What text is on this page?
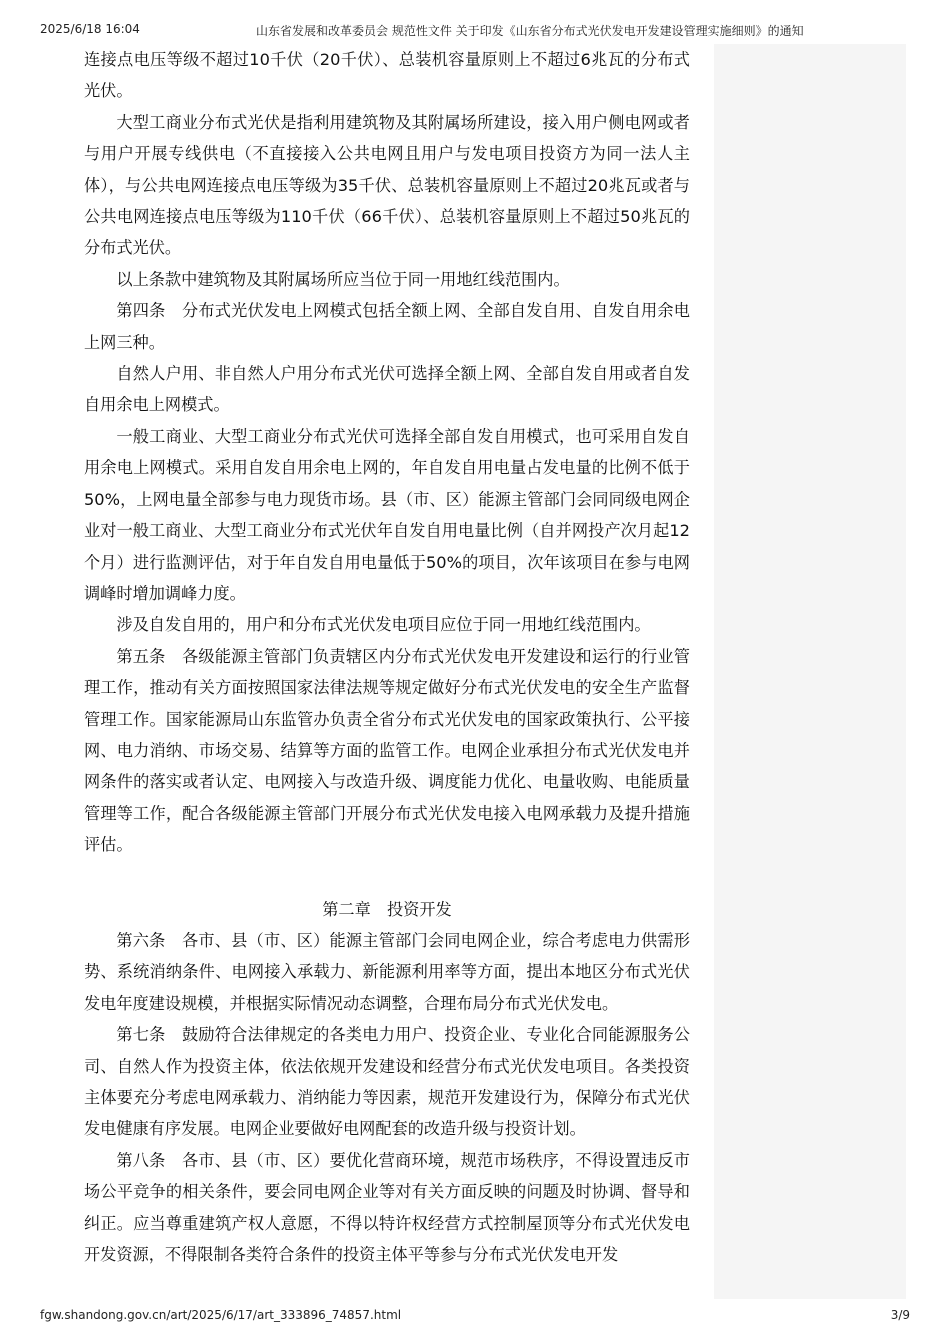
2025/6/18 16:04	山东省发展和改革委员会 规范性文件 关于印发《山东省分布式光伏发电开发建设管理实施细则》的通知

连接点电压等级不超过10千伏（20千伏）、总装机容量原则上不超过6兆瓦的分布式光伏。

大型工商业分布式光伏是指利用建筑物及其附属场所建设，接入用户侧电网或者与用户开展专线供电（不直接接入公共电网且用户与发电项目投资方为同一法人主体），与公共电网连接点电压等级为35千伏、总装机容量原则上不超过20兆瓦或者与公共电网连接点电压等级为110千伏（66千伏）、总装机容量原则上不超过50兆瓦的分布式光伏。

以上条款中建筑物及其附属场所应当位于同一用地红线范围内。

第四条　分布式光伏发电上网模式包括全额上网、全部自发自用、自发自用余电上网三种。

自然人户用、非自然人户用分布式光伏可选择全额上网、全部自发自用或者自发自用余电上网模式。

一般工商业、大型工商业分布式光伏可选择全部自发自用模式，也可采用自发自用余电上网模式。采用自发自用余电上网的，年自发自用电量占发电量的比例不低于50%，上网电量全部参与电力现货市场。县（市、区）能源主管部门会同同级电网企业对一般工商业、大型工商业分布式光伏年自发自用电量比例（自并网投产次月起12个月）进行监测评估，对于年自发自用电量低于50%的项目，次年该项目在参与电网调峰时增加调峰力度。

涉及自发自用的，用户和分布式光伏发电项目应位于同一用地红线范围内。

第五条　各级能源主管部门负责辖区内分布式光伏发电开发建设和运行的行业管理工作，推动有关方面按照国家法律法规等规定做好分布式光伏发电的安全生产监督管理工作。国家能源局山东监管办负责全省分布式光伏发电的国家政策执行、公平接网、电力消纳、市场交易、结算等方面的监管工作。电网企业承担分布式光伏发电并网条件的落实或者认定、电网接入与改造升级、调度能力优化、电量收购、电能质量管理等工作，配合各级能源主管部门开展分布式光伏发电接入电网承载力及提升措施评估。

第二章　投资开发

第六条　各市、县（市、区）能源主管部门会同电网企业，综合考虑电力供需形势、系统消纳条件、电网接入承载力、新能源利用率等方面，提出本地区分布式光伏发电年度建设规模，并根据实际情况动态调整，合理布局分布式光伏发电。

第七条　鼓励符合法律规定的各类电力用户、投资企业、专业化合同能源服务公司、自然人作为投资主体，依法依规开发建设和经营分布式光伏发电项目。各类投资主体要充分考虑电网承载力、消纳能力等因素，规范开发建设行为，保障分布式光伏发电健康有序发展。电网企业要做好电网配套的改造升级与投资计划。

第八条　各市、县（市、区）要优化营商环境，规范市场秩序，不得设置违反市场公平竞争的相关条件，要会同电网企业等对有关方面反映的问题及时协调、督导和纠正。应当尊重建筑产权人意愿，不得以特许权经营方式控制屋顶等分布式光伏发电开发资源，不得限制各类符合条件的投资主体平等参与分布式光伏发电开发

fgw.shandong.gov.cn/art/2025/6/17/art_333896_74857.html	3/9
